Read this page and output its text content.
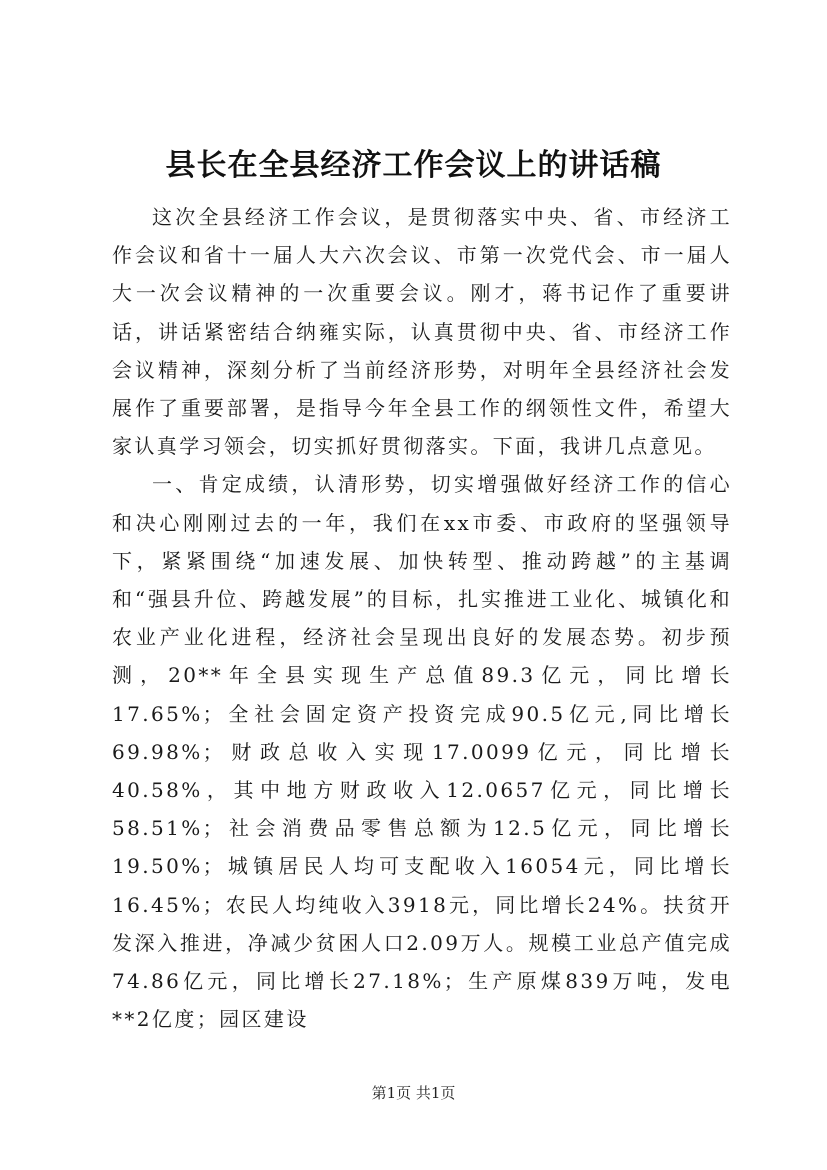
县长在全县经济工作会议上的讲话稿

这次全县经济工作会议，是贯彻落实中央、省、市经济工作会议和省十一届人大六次会议、市第一次党代会、市一届人大一次会议精神的一次重要会议。刚才，蒋书记作了重要讲话，讲话紧密结合纳雍实际，认真贯彻中央、省、市经济工作会议精神，深刻分析了当前经济形势，对明年全县经济社会发展作了重要部署，是指导今年全县工作的纲领性文件，希望大家认真学习领会，切实抓好贯彻落实。下面，我讲几点意见。

一、肯定成绩，认清形势，切实增强做好经济工作的信心和决心刚刚过去的一年，我们在xx市委、市政府的坚强领导下，紧紧围绕“加速发展、加快转型、推动跨越”的主基调和“强县升位、跨越发展”的目标，扎实推进工业化、城镇化和农业产业化进程，经济社会呈现出良好的发展态势。初步预测，20**年全县实现生产总值89.3亿元，同比增长17.65%；全社会固定资产投资完成90.5亿元,同比增长69.98%；财政总收入实现17.0099亿元，同比增长40.58%，其中地方财政收入12.0657亿元，同比增长58.51%；社会消费品零售总额为12.5亿元，同比增长19.50%；城镇居民人均可支配收入16054元，同比增长16.45%；农民人均纯收入3918元，同比增长24%。扶贫开发深入推进，净减少贫困人口2.09万人。规模工业总产值完成74.86亿元，同比增长27.18%；生产原煤839万吨，发电**2亿度；园区建设

第1页 共1页
